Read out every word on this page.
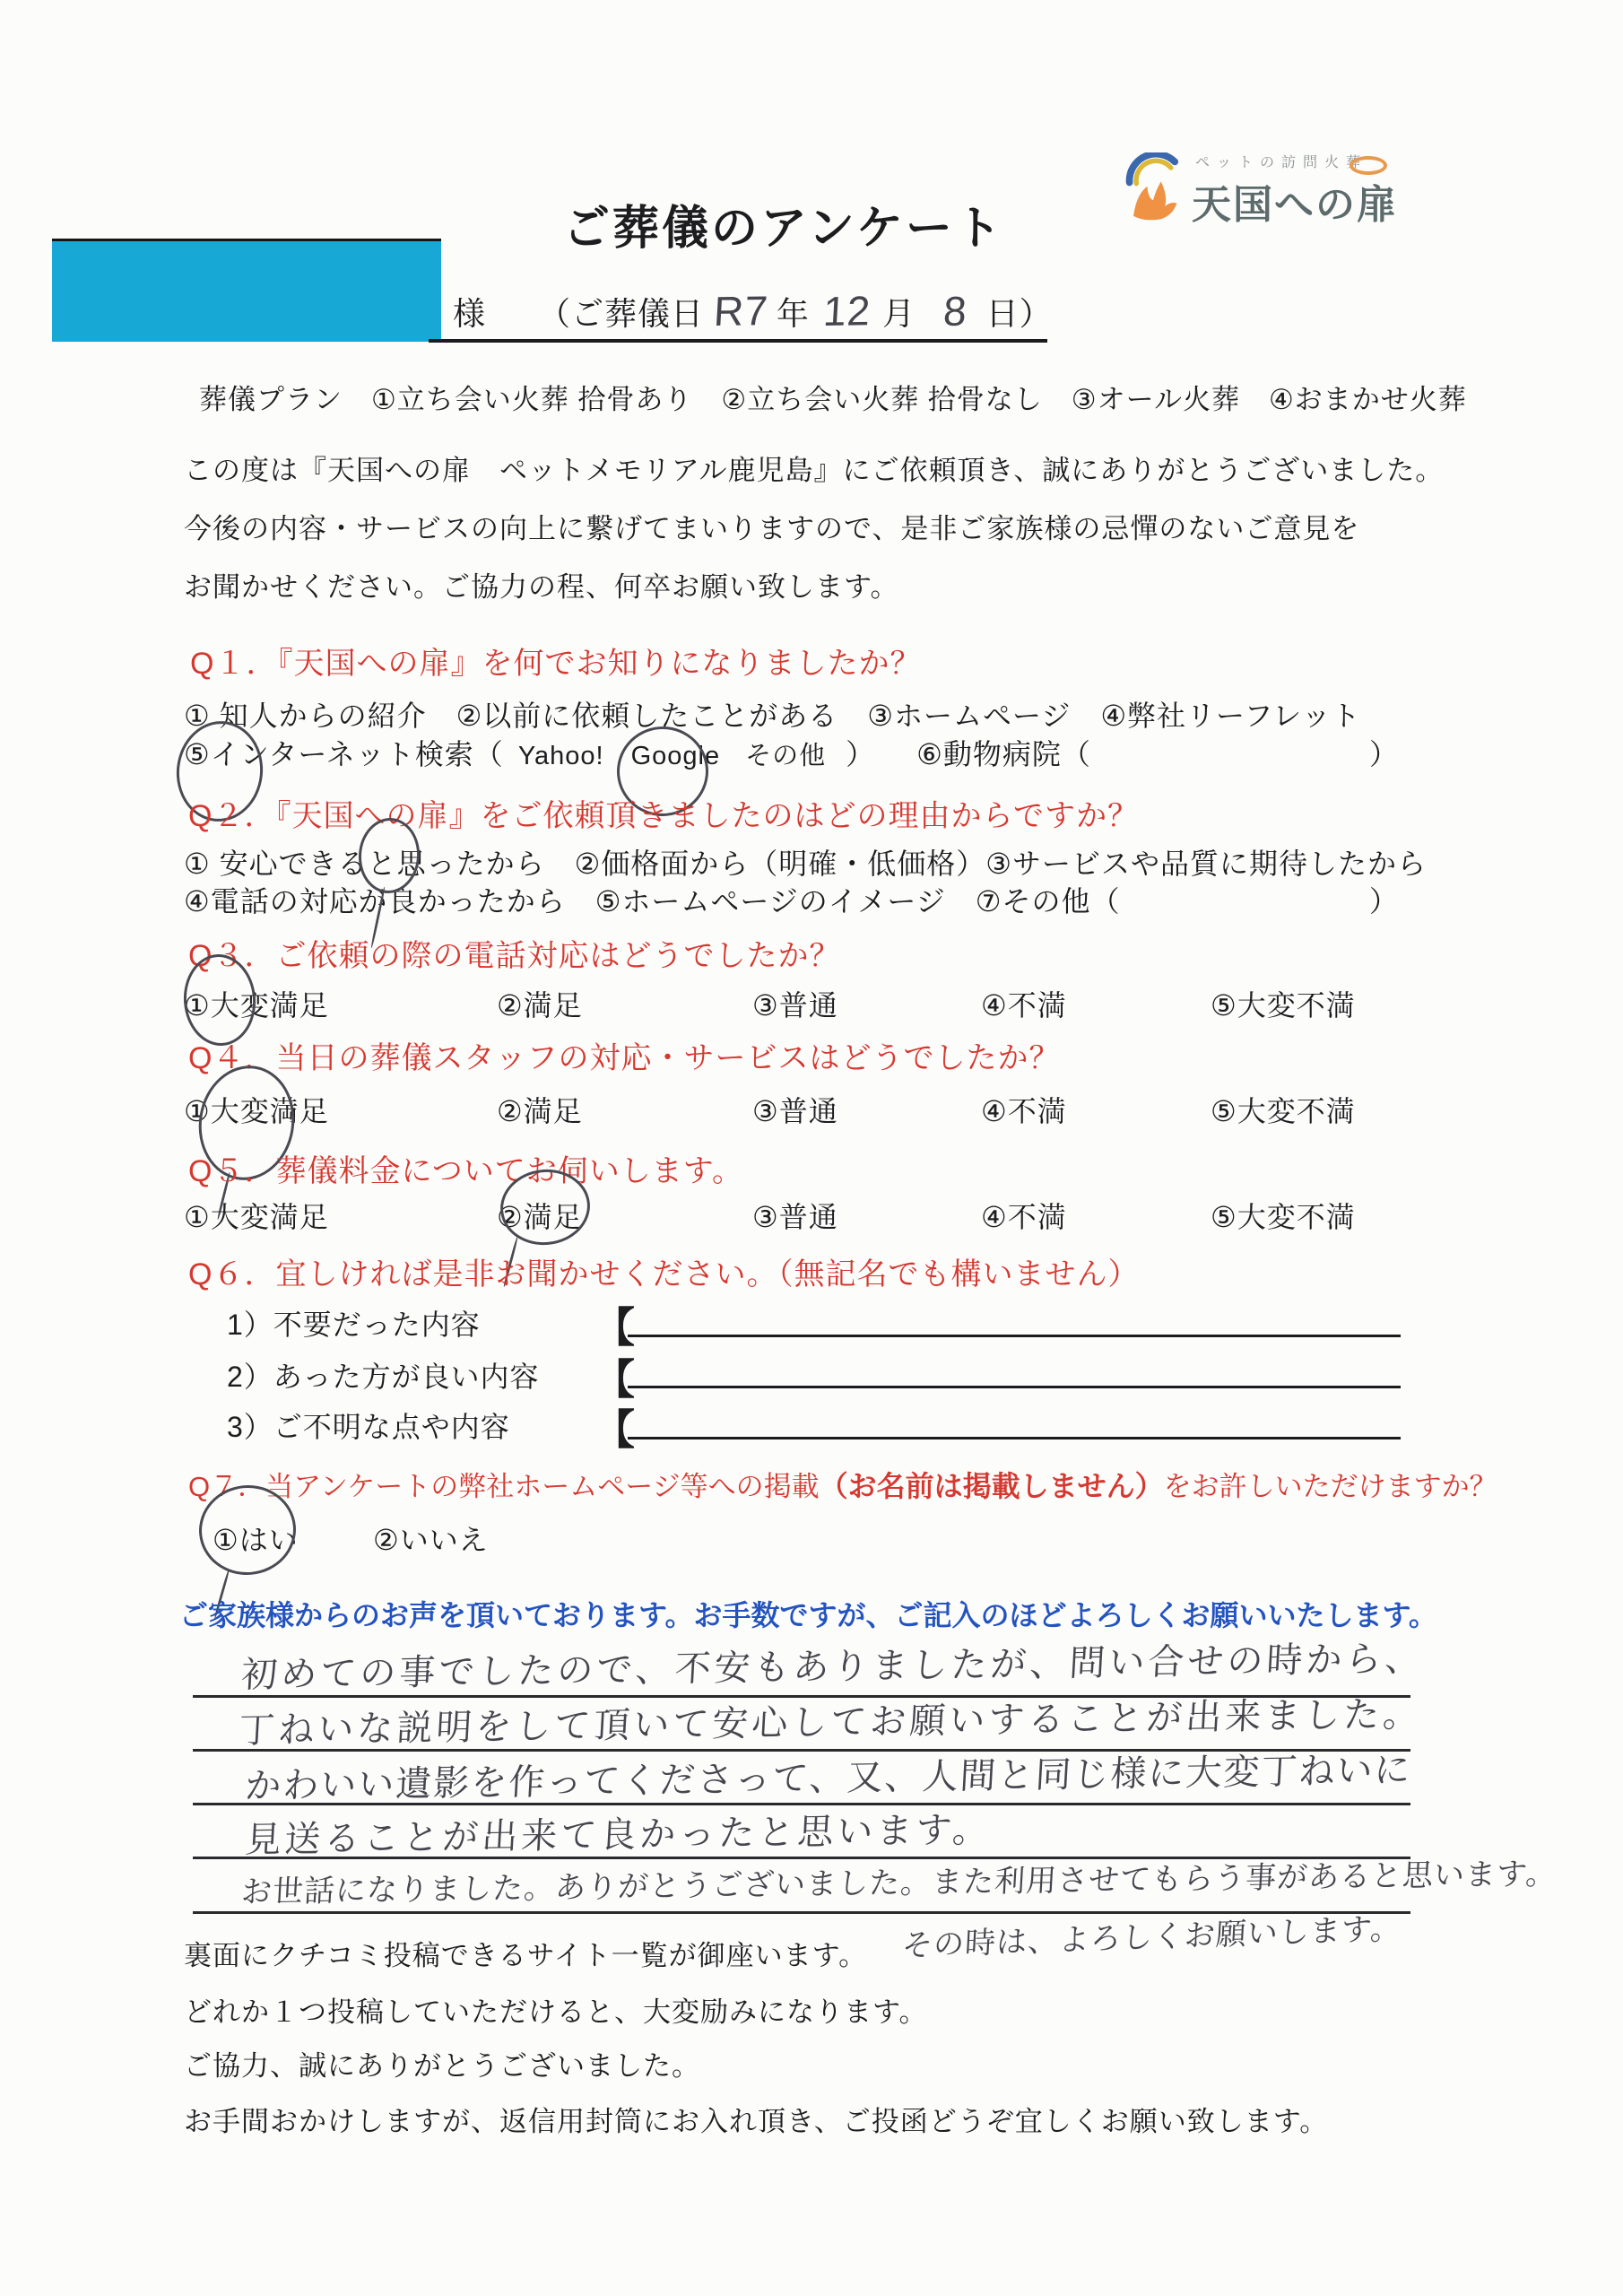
ペットの訪問火葬
天国への扉
ご葬儀のアンケート
様 （ご葬儀日 R7 年 12 月 8 日）
葬儀プラン　①立ち会い火葬 拾骨あり　②立ち会い火葬 拾骨なし　③オール火葬　④おまかせ火葬
この度は『天国への扉　ペットメモリアル鹿児島』にご依頼頂き、誠にありがとうございました。
今後の内容・サービスの向上に繋げてまいりますので、是非ご家族様の忌憚のないご意見を
お聞かせください。ご協力の程、何卒お願い致します。
Q１．『天国への扉』を何でお知りになりましたか？
① 知人からの紹介　②以前に依頼したことがある　③ホームページ　④弊社リーフレット
⑤インターネット検索（ Yahoo! Google その他 ） ⑥動物病院（	）
Q２．『天国への扉』をご依頼頂きましたのはどの理由からですか？
① 安心できると思ったから　②価格面から（明確・低価格）③サービスや品質に期待したから
④電話の対応が良かったから　⑤ホームページのイメージ　⑦その他（	）
Q３．ご依頼の際の電話対応はどうでしたか？
①大変満足	②満足	③普通	④不満	⑤大変不満
Q４．当日の葬儀スタッフの対応・サービスはどうでしたか？
①大変満足	②満足	③普通	④不満	⑤大変不満
Q５．葬儀料金についてお伺いします。
①大変満足	②満足	③普通	④不満	⑤大変不満
Q６．宜しければ是非お聞かせください。（無記名でも構いません）
1）不要だった内容	【
2）あった方が良い内容 【
3）ご不明な点や内容 【
Q７．当アンケートの弊社ホームページ等への掲載（お名前は掲載しません）をお許しいただけますか？
①はい	②いいえ
ご家族様からのお声を頂いております。お手数ですが、ご記入のほどよろしくお願いいたします。
初めての事でしたので、不安もありましたが、問い合せの時から、
丁ねいな説明をして頂いて安心してお願いすることが出来ました。
かわいい遺影を作ってくださって、又、人間と同じ様に大変丁ねいに
見送ることが出来て良かったと思います。
お世話になりました。ありがとうございました。また利用させてもらう事があると思います。
その時は、よろしくお願いします。
裏面にクチコミ投稿できるサイト一覧が御座います。
どれか１つ投稿していただけると、大変励みになります。
ご協力、誠にありがとうございました。
お手間おかけしますが、返信用封筒にお入れ頂き、ご投函どうぞ宜しくお願い致します。
